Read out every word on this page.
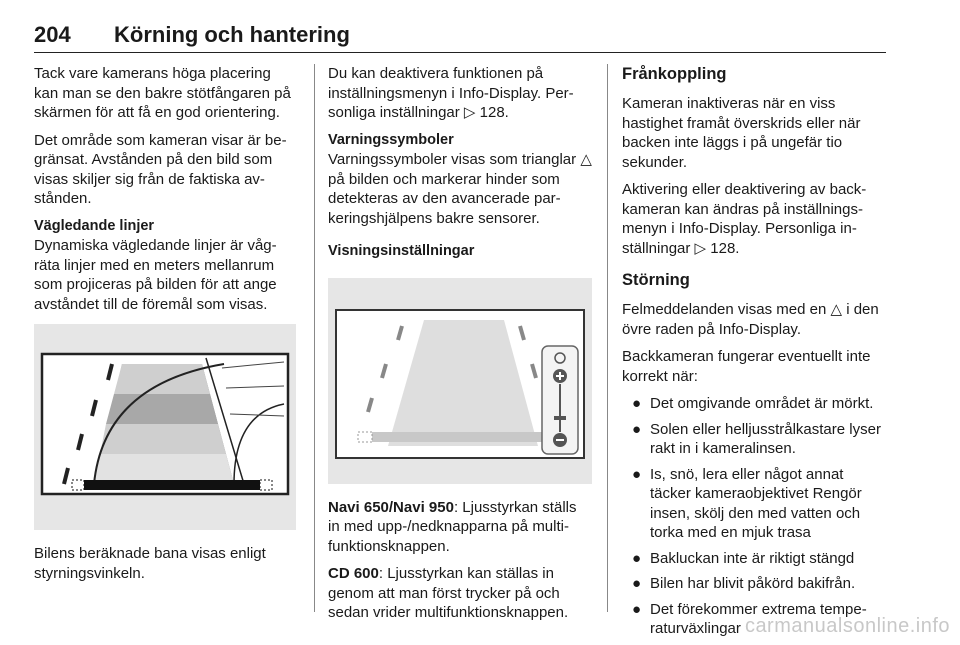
204 Körning och hantering

Tack vare kamerans höga placering kan man se den bakre stötfångaren på skärmen för att få en god orientering.

Det område som kameran visar är begränsat. Avstånden på den bild som visas skiljer sig från de faktiska avstånden.

Vägledande linjer

Dynamiska vägledande linjer är vågräta linjer med en meters mellanrum som projiceras på bilden för att ange avståndet till de föremål som visas.

Bilens beräknade bana visas enligt styrningsvinkeln.

Du kan deaktivera funktionen på inställningsmenyn i Info-Display. Personliga inställningar ▷ 128.

Varningssymboler

Varningssymboler visas som trianglar △ på bilden och markerar hinder som detekteras av den avancerade parkeringshjälpens bakre sensorer.

Visningsinställningar

Navi 650/Navi 950: Ljusstyrkan ställs in med upp-/nedknapparna på multifunktionsknappen.

CD 600: Ljusstyrkan kan ställas in genom att man först trycker på och sedan vrider multifunktionsknappen.

Frånkoppling

Kameran inaktiveras när en viss hastighet framåt överskrids eller när backen inte läggs i på ungefär tio sekunder.

Aktivering eller deaktivering av backkameran kan ändras på inställningsmenyn i Info-Display. Personliga inställningar ▷ 128.

Störning

Felmeddelanden visas med en △ i den övre raden på Info-Display.

Backkameran fungerar eventuellt inte korrekt när:

● Det omgivande området är mörkt.
● Solen eller helljusstrålkastare lyser rakt in i kameralinsen.
● Is, snö, lera eller något annat täcker kameraobjektivet Rengör insen, skölj den med vatten och torka med en mjuk trasa
● Bakluckan inte är riktigt stängd
● Bilen har blivit påkörd bakifrån.
● Det förekommer extrema temperaturväxlingar carmanualsonline.info
